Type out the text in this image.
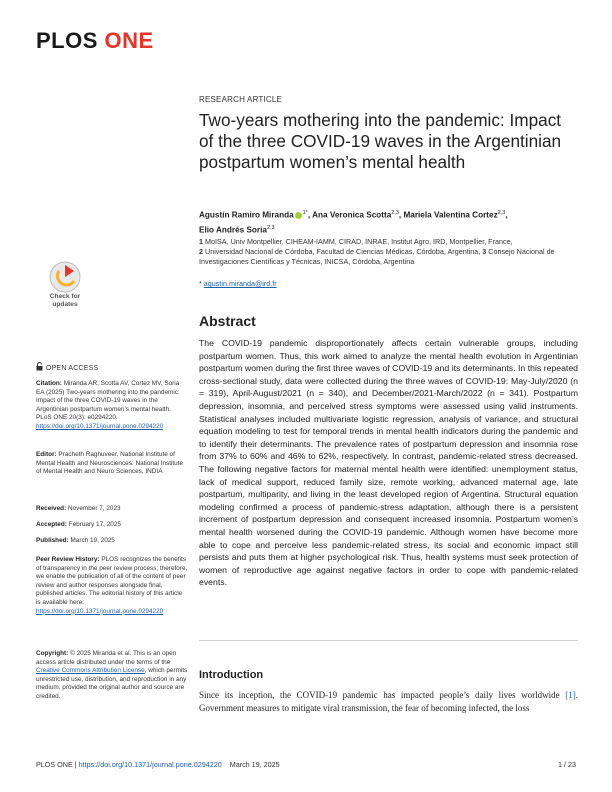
PLOS ONE
RESEARCH ARTICLE
Two-years mothering into the pandemic: Impact of the three COVID-19 waves in the Argentinian postpartum women’s mental health
Agustín Ramiro Miranda $^{1*}$, Ana Veronica Scotta$^{2,3}$, Mariela Valentina Cortez$^{2,3}$,
Elio Andrés Soria$^{2,3}$
1 MoISA, Univ Montpellier, CIHEAM-IAMM, CIRAD, INRAE, Institut Agro, IRD, Montpellier, France,
2 Universidad Nacional de Córdoba, Facultad de Ciencias Médicas, Córdoba, Argentina, 3 Consejo Nacional de Investigaciones Científicas y Técnicas, INICSA, Córdoba, Argentina
* agustin.miranda@ird.fr
Abstract

The COVID-19 pandemic disproportionately affects certain vulnerable groups, including postpartum women. Thus, this work aimed to analyze the mental health evolution in Argentinian postpartum women during the first three waves of COVID-19 and its determinants. In this repeated cross-sectional study, data were collected during the three waves of COVID-19: May-July/2020 (n = 319), April-August/2021 (n = 340), and December/2021-March/2022 (n = 341). Postpartum depression, insomnia, and perceived stress symptoms were assessed using valid instruments. Statistical analyses included multivariate logistic regression, analysis of variance, and structural equation modeling to test for temporal trends in mental health indicators during the pandemic and to identify their determinants. The prevalence rates of postpartum depression and insomnia rose from 37% to 60% and 46% to 62%, respectively. In contrast, pandemic-related stress decreased. The following negative factors for maternal mental health were identified: unemployment status, lack of medical support, reduced family size, remote working, advanced maternal age, late postpartum, multiparity, and living in the least developed region of Argentina. Structural equation modeling confirmed a process of pandemic-stress adaptation, although there is a persistent increment of postpartum depression and consequent increased insomnia. Postpartum women’s mental health worsened during the COVID-19 pandemic. Although women have become more able to cope and perceive less pandemic-related stress, its social and economic impact still persists and puts them at higher psychological risk. Thus, health systems must seek protection of women of reproductive age against negative factors in order to cope with pandemic-related events.

Introduction

Since its inception, the COVID-19 pandemic has impacted people’s daily lives worldwide [1]. Government measures to mitigate viral transmission, the fear of becoming infected, the loss

Check for
updates
OPEN ACCESS
Citation: Miranda AR, Scotta AV, Cortez MV, Soria EA (2025) Two-years mothering into the pandemic: Impact of the three COVID-19 waves in the Argentinian postpartum women’s mental health. PLoS ONE 20(3): e0294220. https://doi.org/10.1371/journal.pone.0294220
Editor: Pracheth Raghuveer, National Institute of Mental Health and Neurosciences: National Institute of Mental Health and Neuro Sciences, INDIA
Received: November 7, 2023
Accepted: February 17, 2025
Published: March 19, 2025
Peer Review History: PLOS recognizes the benefits of transparency in the peer review process; therefore, we enable the publication of all of the content of peer review and author responses alongside final, published articles. The editorial history of this article is available here: https://doi.org/10.1371/journal.pone.0294220
Copyright: © 2025 Miranda et al. This is an open access article distributed under the terms of the Creative Commons Attribution License, which permits unrestricted use, distribution, and reproduction in any medium, provided the original author and source are credited.
PLOS ONE | https://doi.org/10.1371/journal.pone.0294220 March 19, 2025	1 / 23
